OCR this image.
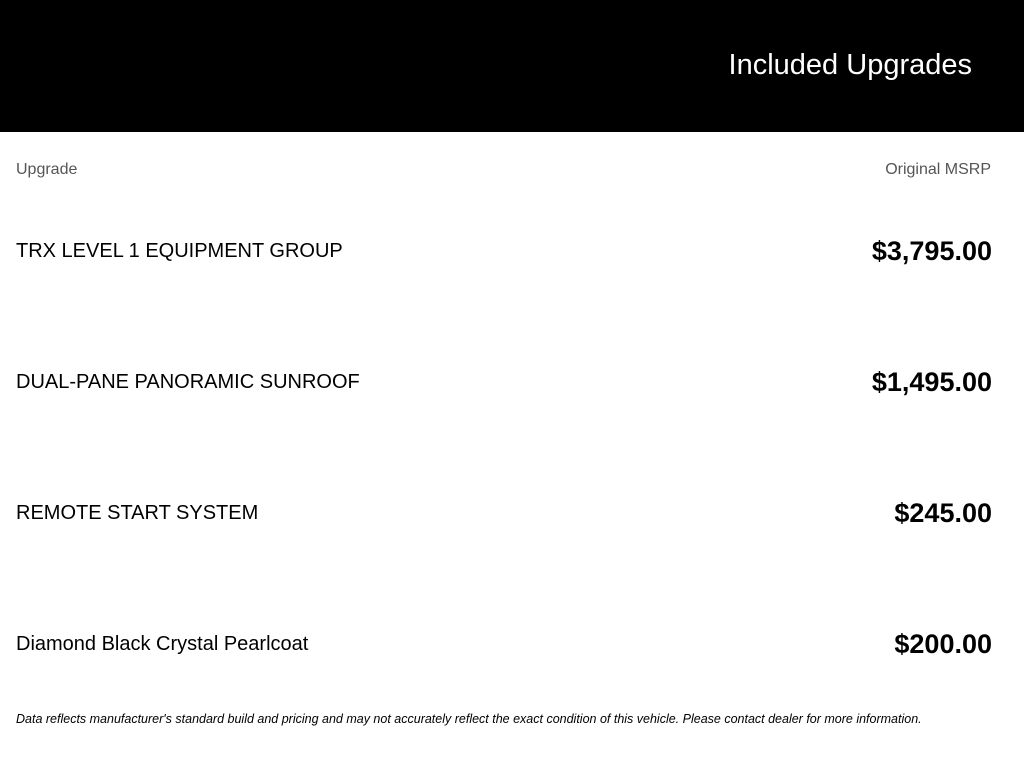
Included Upgrades
Upgrade	Original MSRP
TRX LEVEL 1 EQUIPMENT GROUP	$3,795.00
DUAL-PANE PANORAMIC SUNROOF	$1,495.00
REMOTE START SYSTEM	$245.00
Diamond Black Crystal Pearlcoat	$200.00
Data reflects manufacturer's standard build and pricing and may not accurately reflect the exact condition of this vehicle. Please contact dealer for more information.
